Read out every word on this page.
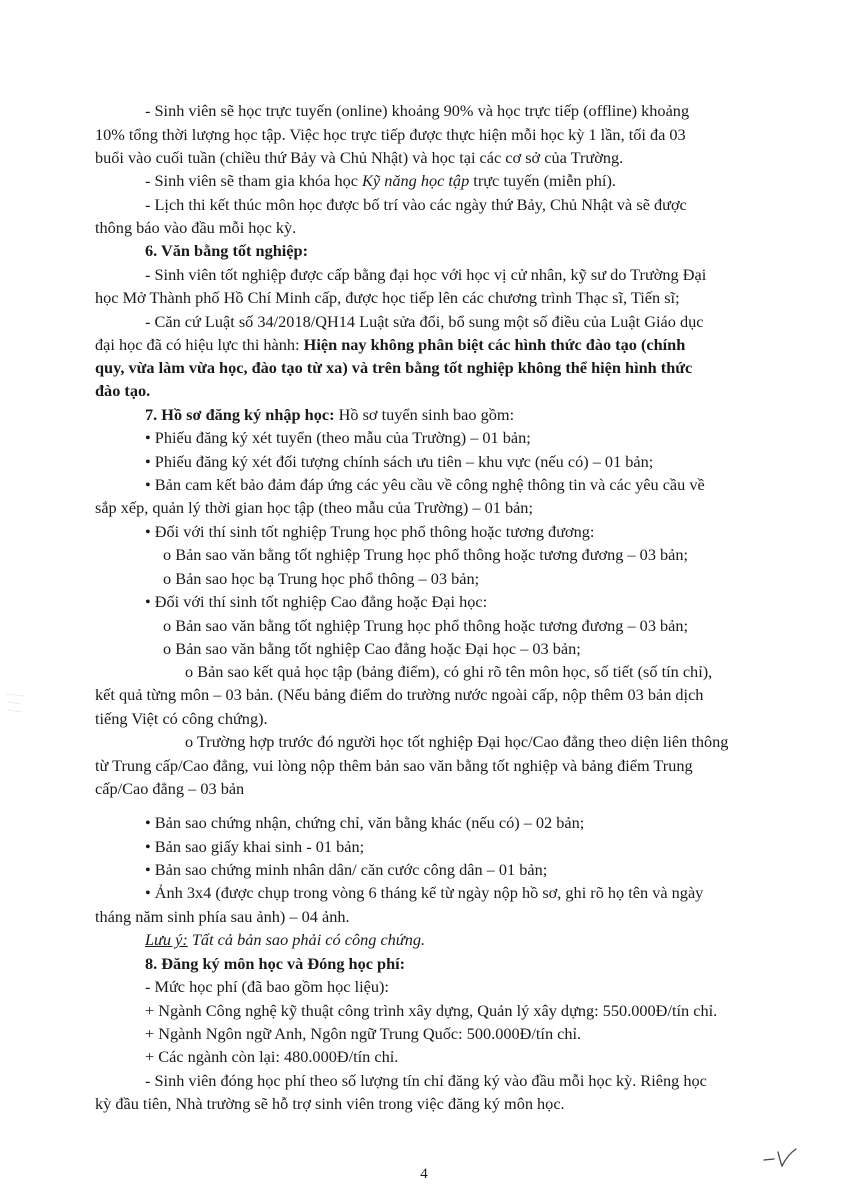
- Sinh viên sẽ học trực tuyến (online) khoảng 90% và học trực tiếp (offline) khoảng
10% tổng thời lượng học tập. Việc học trực tiếp được thực hiện mỗi học kỳ 1 lần, tối đa 03
buổi vào cuối tuần (chiều thứ Bảy và Chủ Nhật) và học tại các cơ sở của Trường.
- Sinh viên sẽ tham gia khóa học Kỹ năng học tập trực tuyến (miễn phí).
- Lịch thi kết thúc môn học được bố trí vào các ngày thứ Bảy, Chủ Nhật và sẽ được
thông báo vào đầu mỗi học kỳ.
6. Văn bằng tốt nghiệp:
- Sinh viên tốt nghiệp được cấp bằng đại học với học vị cử nhân, kỹ sư do Trường Đại
học Mở Thành phố Hồ Chí Minh cấp, được học tiếp lên các chương trình Thạc sĩ, Tiến sĩ;
- Căn cứ Luật số 34/2018/QH14 Luật sửa đổi, bổ sung một số điều của Luật Giáo dục
đại học đã có hiệu lực thi hành: Hiện nay không phân biệt các hình thức đào tạo (chính
quy, vừa làm vừa học, đào tạo từ xa) và trên bằng tốt nghiệp không thể hiện hình thức
đào tạo.
7. Hồ sơ đăng ký nhập học: Hồ sơ tuyển sinh bao gồm:
• Phiếu đăng ký xét tuyển (theo mẫu của Trường) – 01 bản;
• Phiếu đăng ký xét đối tượng chính sách ưu tiên – khu vực (nếu có) – 01 bản;
• Bản cam kết bảo đảm đáp ứng các yêu cầu về công nghệ thông tin và các yêu cầu về
sắp xếp, quản lý thời gian học tập (theo mẫu của Trường) – 01 bản;
• Đối với thí sinh tốt nghiệp Trung học phổ thông hoặc tương đương:
o Bản sao văn bằng tốt nghiệp Trung học phổ thông hoặc tương đương – 03 bản;
o Bản sao học bạ Trung học phổ thông – 03 bản;
• Đối với thí sinh tốt nghiệp Cao đẳng hoặc Đại học:
o Bản sao văn bằng tốt nghiệp Trung học phổ thông hoặc tương đương – 03 bản;
o Bản sao văn bằng tốt nghiệp Cao đẳng hoặc Đại học – 03 bản;
o Bản sao kết quả học tập (bảng điểm), có ghi rõ tên môn học, số tiết (số tín chỉ),
kết quả từng môn – 03 bản. (Nếu bảng điểm do trường nước ngoài cấp, nộp thêm 03 bản dịch
tiếng Việt có công chứng).
o Trường hợp trước đó người học tốt nghiệp Đại học/Cao đẳng theo diện liên thông
từ Trung cấp/Cao đẳng, vui lòng nộp thêm bản sao văn bằng tốt nghiệp và bảng điểm Trung
cấp/Cao đẳng – 03 bản
• Bản sao chứng nhận, chứng chỉ, văn bằng khác (nếu có) – 02 bản;
• Bản sao giấy khai sinh - 01 bản;
• Bản sao chứng minh nhân dân/ căn cước công dân – 01 bản;
• Ảnh 3x4 (được chụp trong vòng 6 tháng kể từ ngày nộp hồ sơ, ghi rõ họ tên và ngày
tháng năm sinh phía sau ảnh) – 04 ảnh.
Lưu ý: Tất cả bản sao phải có công chứng.
8. Đăng ký môn học và Đóng học phí:
- Mức học phí (đã bao gồm học liệu):
+ Ngành Công nghệ kỹ thuật công trình xây dựng, Quản lý xây dựng: 550.000Đ/tín chỉ.
+ Ngành Ngôn ngữ Anh, Ngôn ngữ Trung Quốc: 500.000Đ/tín chỉ.
+ Các ngành còn lại: 480.000Đ/tín chỉ.
- Sinh viên đóng học phí theo số lượng tín chỉ đăng ký vào đầu mỗi học kỳ. Riêng học
kỳ đầu tiên, Nhà trường sẽ hỗ trợ sinh viên trong việc đăng ký môn học.
4
